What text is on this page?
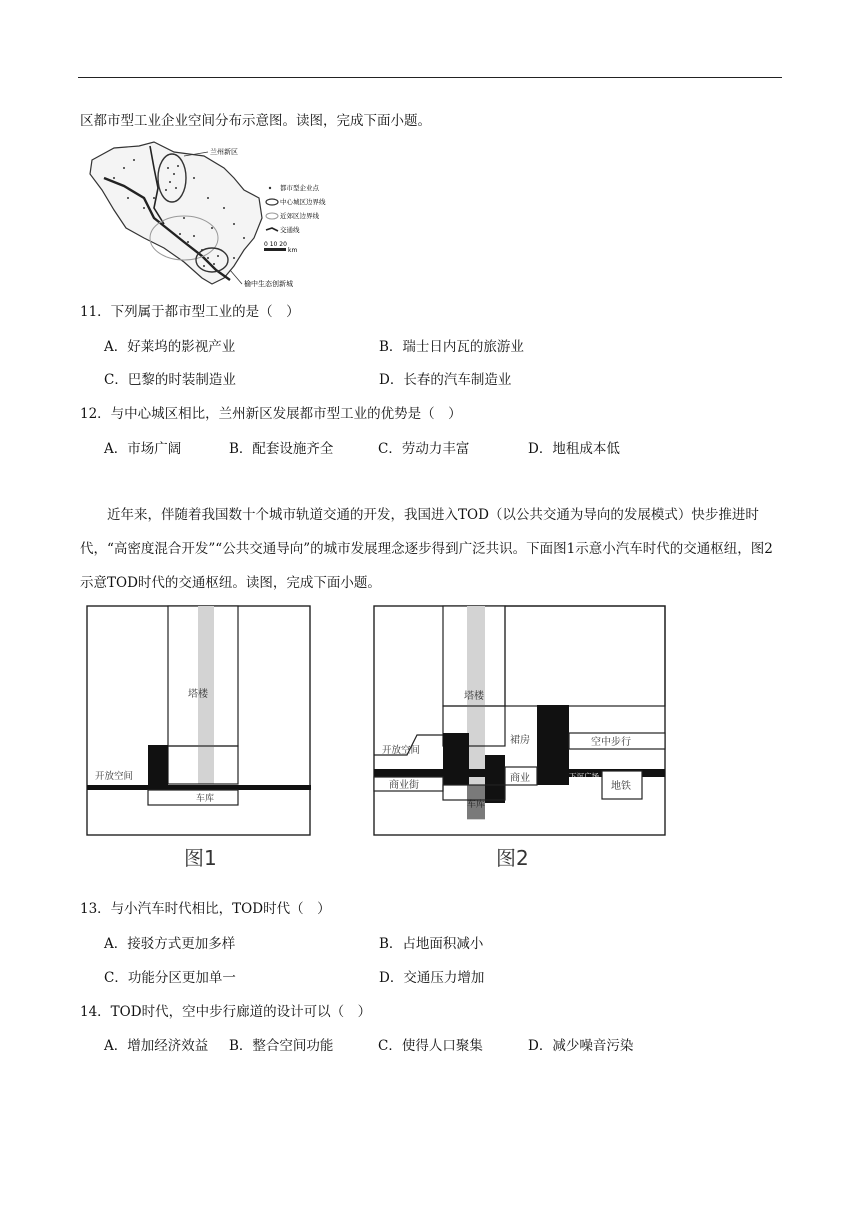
区都市型工业企业空间分布示意图。读图，完成下面小题。
兰州新区
榆中生态创新城
都市型企业点
中心城区边界线
近郊区边界线
交通线
0 10 20
km
11．下列属于都市型工业的是（　）
A．好莱坞的影视产业	B．瑞士日内瓦的旅游业
C．巴黎的时装制造业	D．长春的汽车制造业
12．与中心城区相比，兰州新区发展都市型工业的优势是（　）
A．市场广阔	B．配套设施齐全	C．劳动力丰富	D．地租成本低
近年来，伴随着我国数十个城市轨道交通的开发，我国进入TOD（以公共交通为导向的发展模式）快步推进时代，“高密度混合开发”“公共交通导向”的城市发展理念逐步得到广泛共识。下面图1示意小汽车时代的交通枢纽，图2示意TOD时代的交通枢纽。读图，完成下面小题。
塔楼
开放空间
车库
图1
塔楼
开放空间
裙房	空中步行
商业街
商业	下沉广场
地铁
车库
图2
13．与小汽车时代相比，TOD时代（　）
A．接驳方式更加多样	B．占地面积减小
C．功能分区更加单一	D．交通压力增加
14．TOD时代，空中步行廊道的设计可以（　）
A．增加经济效益 B．整合空间功能	C．使得人口聚集	D．减少噪音污染
